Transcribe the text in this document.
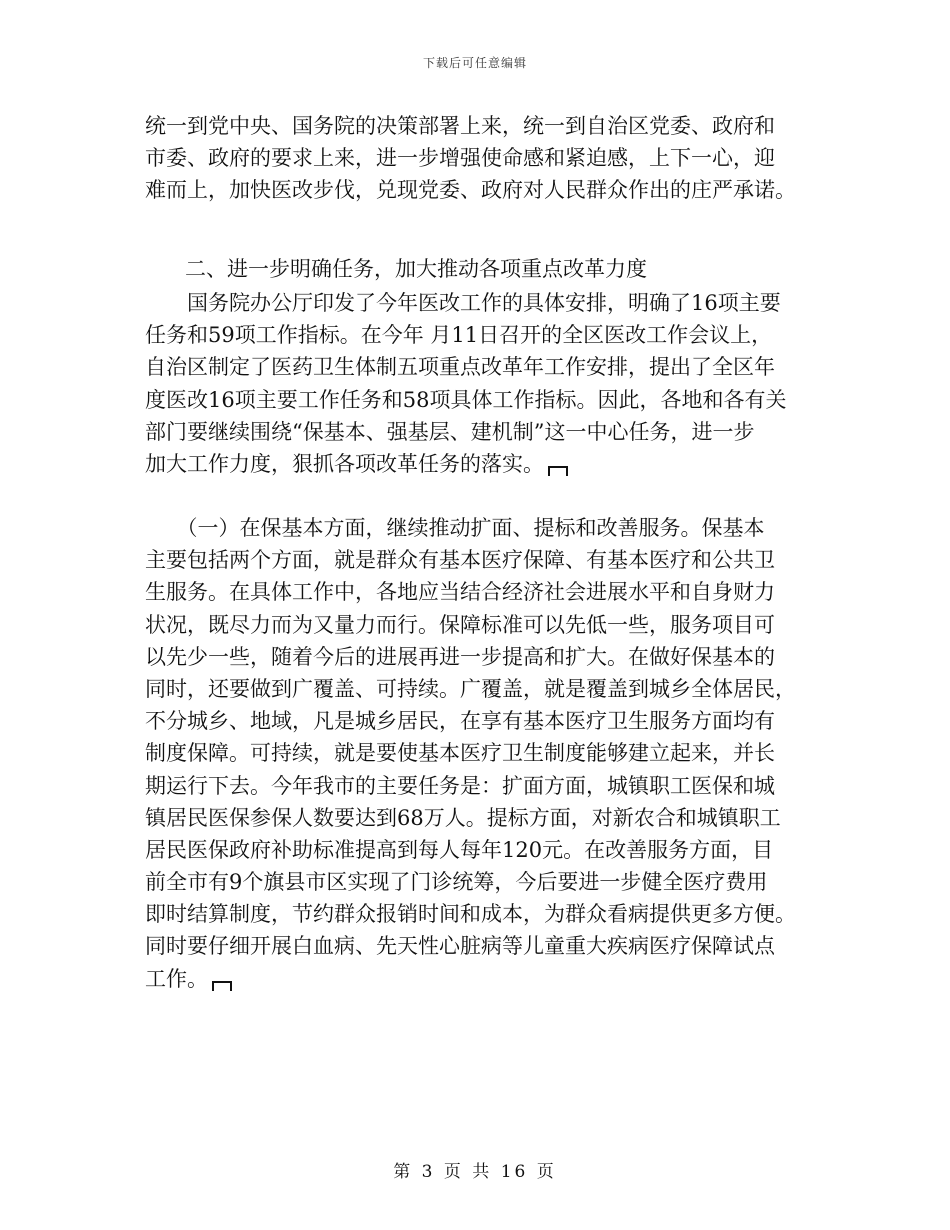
下载后可任意编辑
统一到党中央、国务院的决策部署上来，统一到自治区党委、政府和
市委、政府的要求上来，进一步增强使命感和紧迫感，上下一心，迎
难而上，加快医改步伐，兑现党委、政府对人民群众作出的庄严承诺。
二、进一步明确任务，加大推动各项重点改革力度
　　国务院办公厅印发了今年医改工作的具体安排，明确了16项主要
任务和59项工作指标。在今年 月11日召开的全区医改工作会议上，
自治区制定了医药卫生体制五项重点改革年工作安排，提出了全区年
度医改16项主要工作任务和58项具体工作指标。因此，各地和各有关
部门要继续围绕“保基本、强基层、建机制”这一中心任务，进一步
加大工作力度，狠抓各项改革任务的落实。
　　（一）在保基本方面，继续推动扩面、提标和改善服务。保基本
主要包括两个方面，就是群众有基本医疗保障、有基本医疗和公共卫
生服务。在具体工作中，各地应当结合经济社会进展水平和自身财力
状况，既尽力而为又量力而行。保障标准可以先低一些，服务项目可
以先少一些，随着今后的进展再进一步提高和扩大。在做好保基本的
同时，还要做到广覆盖、可持续。广覆盖，就是覆盖到城乡全体居民，
不分城乡、地域，凡是城乡居民，在享有基本医疗卫生服务方面均有
制度保障。可持续，就是要使基本医疗卫生制度能够建立起来，并长
期运行下去。今年我市的主要任务是：扩面方面，城镇职工医保和城
镇居民医保参保人数要达到68万人。提标方面，对新农合和城镇职工
居民医保政府补助标准提高到每人每年120元。在改善服务方面，目
前全市有9个旗县市区实现了门诊统筹，今后要进一步健全医疗费用
即时结算制度，节约群众报销时间和成本，为群众看病提供更多方便。
同时要仔细开展白血病、先天性心脏病等儿童重大疾病医疗保障试点
工作。
第 3 页 共 16 页
